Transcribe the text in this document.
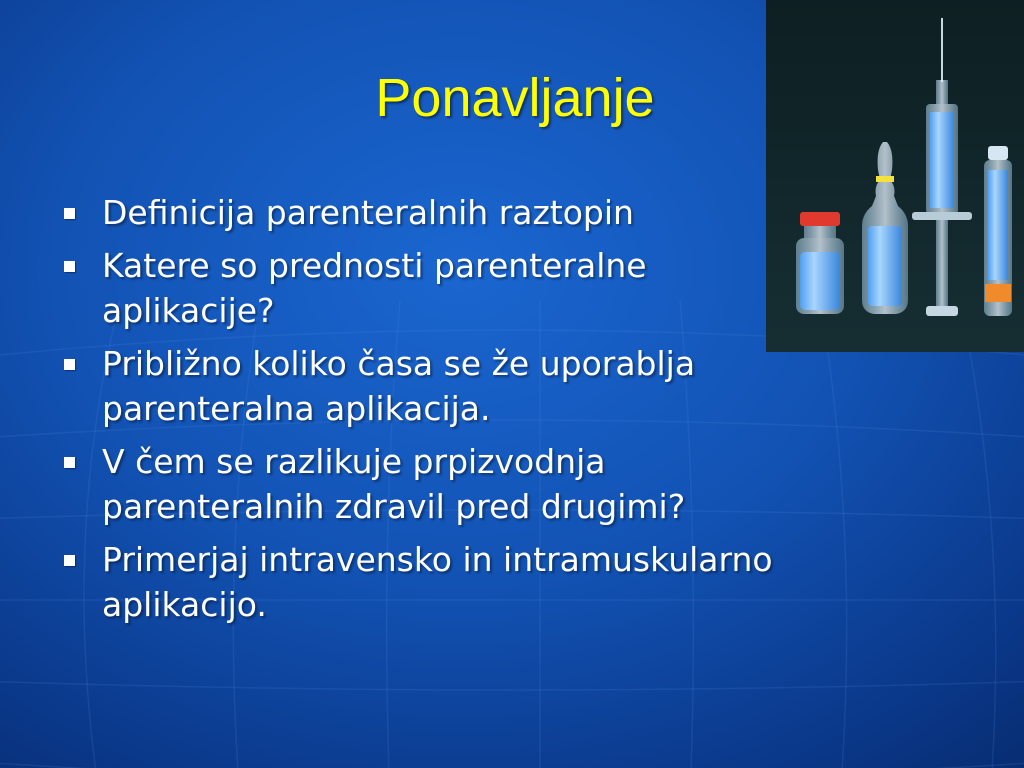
Ponavljanje
Definicija parenteralnih raztopin
Katere so prednosti parenteralne aplikacije?
Približno koliko časa se že uporablja parenteralna aplikacija.
V čem se razlikuje prpizvodnja parenteralnih zdravil pred drugimi?
Primerjaj intravensko in intramuskularno aplikacijo.
